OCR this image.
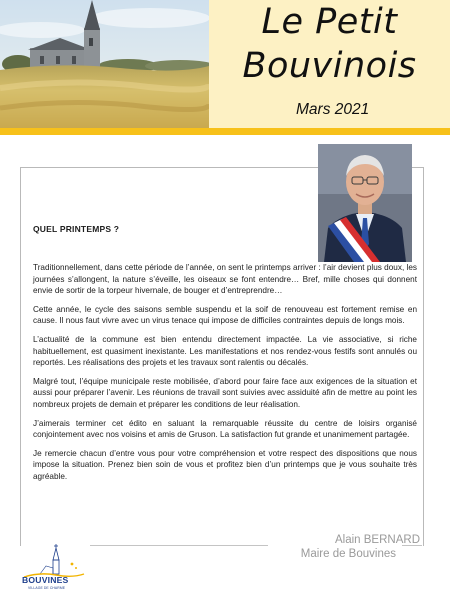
Le Petit
Bouvinois
Mars 2021
QUEL PRINTEMPS ?

Traditionnellement, dans cette période de l’année, on sent le printemps arriver : l’air devient plus doux, les journées s’allongent, la nature s’éveille, les oiseaux se font entendre… Bref, mille choses qui donnent envie de sortir de la torpeur hivernale, de bouger et d’entreprendre…

Cette année, le cycle des saisons semble suspendu et la soif de renouveau est fortement remise en cause. Il nous faut vivre avec un virus tenace qui impose de difficiles contraintes depuis de longs mois.

L’actualité de la commune est bien entendu directement impactée. La vie associative, si riche habituellement, est quasiment inexistante. Les manifestations et nos rendez-vous festifs sont annulés ou reportés. Les réalisations des projets et les travaux sont ralentis ou décalés.

Malgré tout, l’équipe municipale reste mobilisée, d’abord pour faire face aux exigences de la situation et aussi pour préparer l’avenir. Les réunions de travail sont suivies avec assiduité afin de mettre au point les nombreux projets de demain et préparer les conditions de leur réalisation.

J’aimerais terminer cet édito en saluant la remarquable réussite du centre de loisirs organisé conjointement avec nos voisins et amis de Gruson. La satisfaction fut grande et unanimement partagée.

Je remercie chacun d’entre vous pour votre compréhension et votre respect des dispositions que nous impose la situation. Prenez bien soin de vous et profitez bien d’un printemps que je vous souhaite très agréable.

Alain BERNARD
Maire de Bouvines
BOUVINES
VILLAGE DE CHARME
